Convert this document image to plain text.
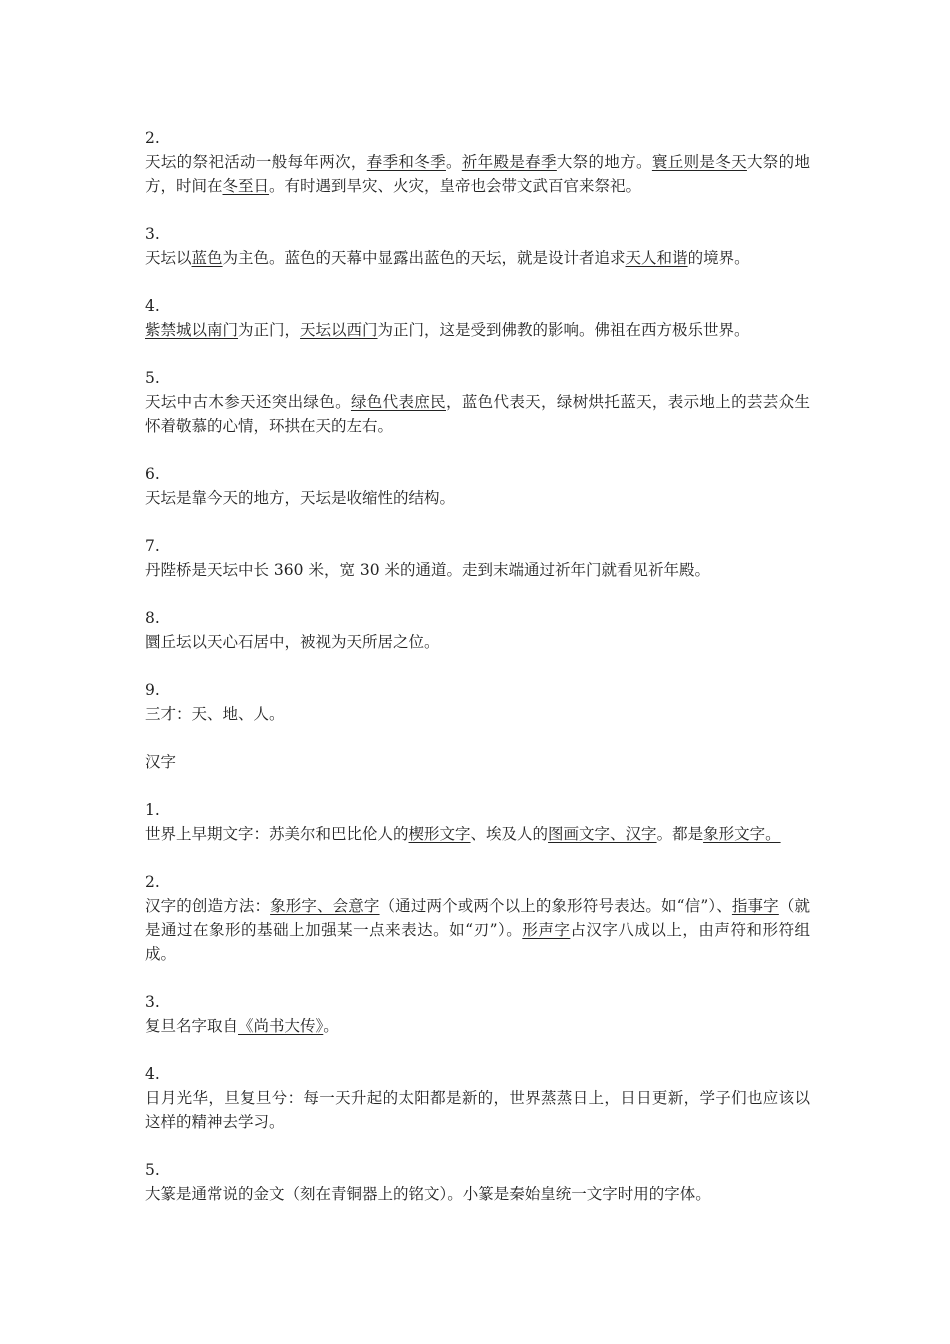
2.

天坛的祭祀活动一般每年两次，春季和冬季。祈年殿是春季大祭的地方。寰丘则是冬天大祭的地方，时间在冬至日。有时遇到旱灾、火灾，皇帝也会带文武百官来祭祀。

3.

天坛以蓝色为主色。蓝色的天幕中显露出蓝色的天坛，就是设计者追求天人和谐的境界。

4.

紫禁城以南门为正门，天坛以西门为正门，这是受到佛教的影响。佛祖在西方极乐世界。

5.

天坛中古木参天还突出绿色。绿色代表庶民，蓝色代表天，绿树烘托蓝天，表示地上的芸芸众生怀着敬慕的心情，环拱在天的左右。

6.

天坛是靠今天的地方，天坛是收缩性的结构。

7.

丹陛桥是天坛中长 360 米，宽 30 米的通道。走到末端通过祈年门就看见祈年殿。

8.

圜丘坛以天心石居中，被视为天所居之位。

9.

三才：天、地、人。

汉字

1.

世界上早期文字：苏美尔和巴比伦人的楔形文字、埃及人的图画文字、汉字。都是象形文字。

2.

汉字的创造方法：象形字、会意字（通过两个或两个以上的象形符号表达。如“信”）、指事字（就是通过在象形的基础上加强某一点来表达。如“刃”）。形声字占汉字八成以上，由声符和形符组成。

3.

复旦名字取自《尚书大传》。

4.

日月光华，旦复旦兮：每一天升起的太阳都是新的，世界蒸蒸日上，日日更新，学子们也应该以这样的精神去学习。

5.

大篆是通常说的金文（刻在青铜器上的铭文）。小篆是秦始皇统一文字时用的字体。
